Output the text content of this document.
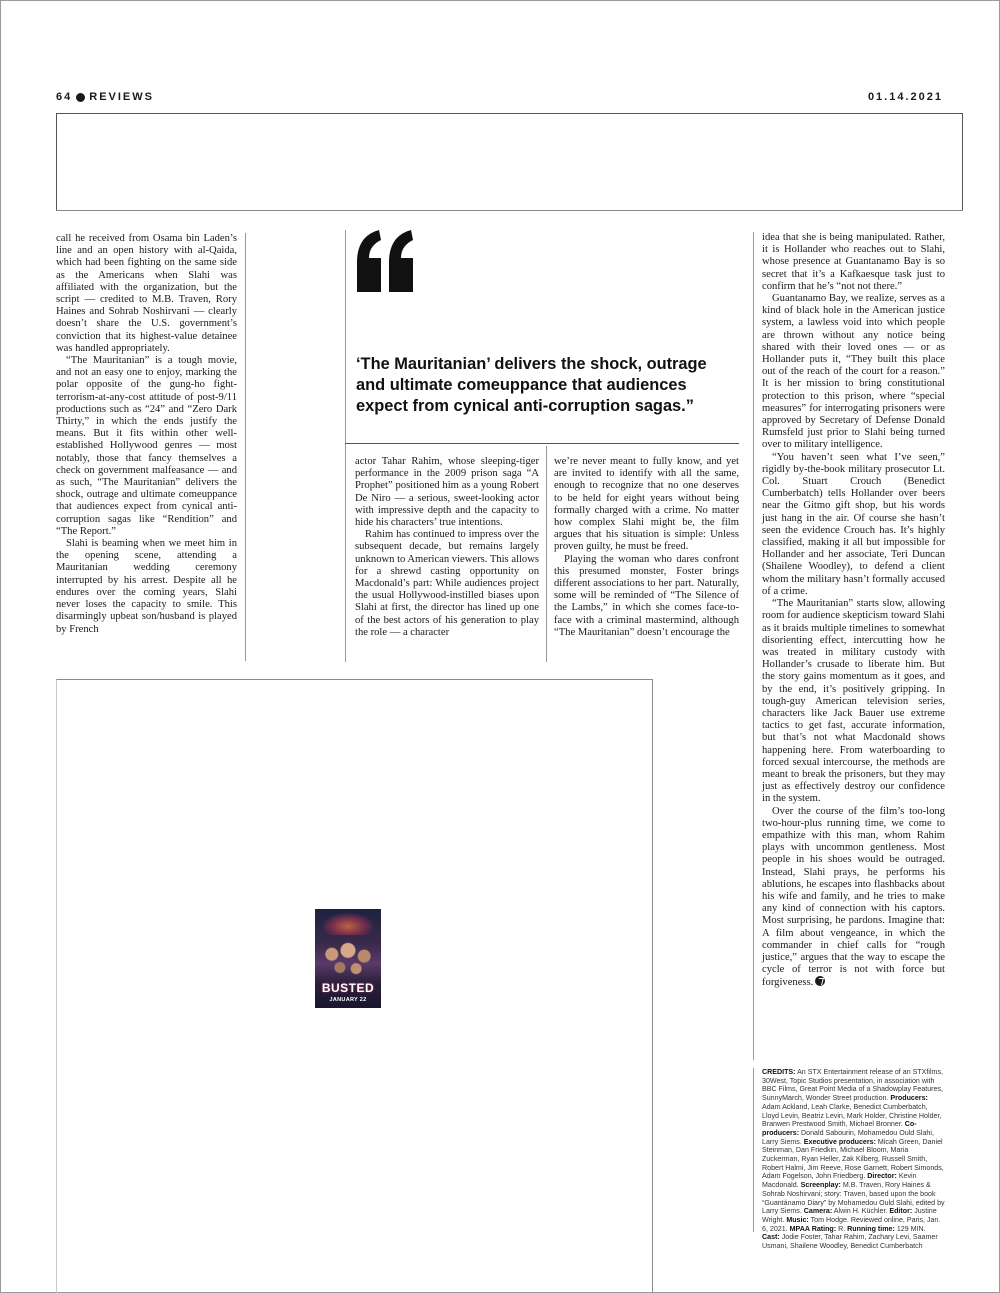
64 REVIEWS	01.14.2021

call he received from Osama bin Laden’s line and an open history with al-Qaida, which had been fighting on the same side as the Americans when Slahi was affiliated with the organization, but the script — credited to M.B. Traven, Rory Haines and Sohrab Noshirvani — clearly doesn’t share the U.S. government’s conviction that its highest-value detainee was handled appropriately.

“The Mauritanian” is a tough movie, and not an easy one to enjoy, marking the polar opposite of the gung-ho fight-terrorism-at-any-cost attitude of post-9/11 productions such as “24” and “Zero Dark Thirty,” in which the ends justify the means. But it fits within other well-established Hollywood genres — most notably, those that fancy themselves a check on government malfeasance — and as such, “The Mauritanian” delivers the shock, outrage and ultimate comeuppance that audiences expect from cynical anti-corruption sagas like “Rendition” and “The Report.”

Slahi is beaming when we meet him in the opening scene, attending a Mauritanian wedding ceremony interrupted by his arrest. Despite all he endures over the coming years, Slahi never loses the capacity to smile. This disarmingly upbeat son/husband is played by French

‘The Mauritanian’ delivers the shock, outrage and ultimate comeuppance that audiences expect from cynical anti-corruption sagas.”

actor Tahar Rahim, whose sleeping-tiger performance in the 2009 prison saga “A Prophet” positioned him as a young Robert De Niro — a serious, sweet-looking actor with impressive depth and the capacity to hide his characters’ true intentions.

Rahim has continued to impress over the subsequent decade, but remains largely unknown to American viewers. This allows for a shrewd casting opportunity on Macdonald’s part: While audiences project the usual Hollywood-instilled biases upon Slahi at first, the director has lined up one of the best actors of his generation to play the role — a character

we’re never meant to fully know, and yet are invited to identify with all the same, enough to recognize that no one deserves to be held for eight years without being formally charged with a crime. No matter how complex Slahi might be, the film argues that his situation is simple: Unless proven guilty, he must be freed.

Playing the woman who dares confront this presumed monster, Foster brings different associations to her part. Naturally, some will be reminded of “The Silence of the Lambs,” in which she comes face-to-face with a criminal mastermind, although “The Mauritanian” doesn’t encourage the

idea that she is being manipulated. Rather, it is Hollander who reaches out to Slahi, whose presence at Guantanamo Bay is so secret that it’s a Kafkaesque task just to confirm that he’s “not not there.”

Guantanamo Bay, we realize, serves as a kind of black hole in the American justice system, a lawless void into which people are thrown without any notice being shared with their loved ones — or as Hollander puts it, “They built this place out of the reach of the court for a reason.” It is her mission to bring constitutional protection to this prison, where “special measures” for interrogating prisoners were approved by Secretary of Defense Donald Rumsfeld just prior to Slahi being turned over to military intelligence.

“You haven’t seen what I’ve seen,” rigidly by-the-book military prosecutor Lt. Col. Stuart Crouch (Benedict Cumberbatch) tells Hollander over beers near the Gitmo gift shop, but his words just hang in the air. Of course she hasn’t seen the evidence Crouch has. It’s highly classified, making it all but impossible for Hollander and her associate, Teri Duncan (Shailene Woodley), to defend a client whom the military hasn’t formally accused of a crime.

“The Mauritanian” starts slow, allowing room for audience skepticism toward Slahi as it braids multiple timelines to somewhat disorienting effect, intercutting how he was treated in military custody with Hollander’s crusade to liberate him. But the story gains momentum as it goes, and by the end, it’s positively gripping. In tough-guy American television series, characters like Jack Bauer use extreme tactics to get fast, accurate information, but that’s not what Macdonald shows happening here. From waterboarding to forced sexual intercourse, the methods are meant to break the prisoners, but they may just as effectively destroy our confidence in the system.

Over the course of the film’s too-long two-hour-plus running time, we come to empathize with this man, whom Rahim plays with uncommon gentleness. Most people in his shoes would be outraged. Instead, Slahi prays, he performs his ablutions, he escapes into flashbacks about his wife and family, and he tries to make any kind of connection with his captors. Most surprising, he pardons. Imagine that: A film about vengeance, in which the commander in chief calls for “rough justice,” argues that the way to escape the cycle of terror is not with force but forgiveness.

CREDITS: An STX Entertainment release of an STXfilms, 30West, Topic Studios presentation, in association with BBC Films, Great Point Media of a Shadowplay Features, SunnyMarch, Wonder Street production. Producers: Adam Ackland, Leah Clarke, Benedict Cumberbatch, Lloyd Levin, Beatriz Levin, Mark Holder, Christine Holder, Branwen Prestwood Smith, Michael Bronner. Co-producers: Donald Sabourin, Mohamedou Ould Slahi, Larry Siems. Executive producers: Micah Green, Daniel Steinman, Dan Friedkin, Michael Bloom, Maria Zuckerman, Ryan Heller, Zak Kilberg, Russell Smith, Robert Halmi, Jim Reeve, Rose Garnett, Robert Simonds, Adam Fogelson, John Friedberg. Director: Kevin Macdonald. Screenplay: M.B. Traven, Rory Haines & Sohrab Noshirvani; story: Traven, based upon the book “Guantánamo Diary” by Mohamedou Ould Slahi, edited by Larry Siems. Camera: Alwin H. Küchler. Editor: Justine Wright. Music: Tom Hodge. Reviewed online, Paris, Jan. 6, 2021. MPAA Rating: R. Running time: 129 MIN. Cast: Jodie Foster, Tahar Rahim, Zachary Levi, Saamer Usmani, Shailene Woodley, Benedict Cumberbatch
BUSTED
JANUARY 22
